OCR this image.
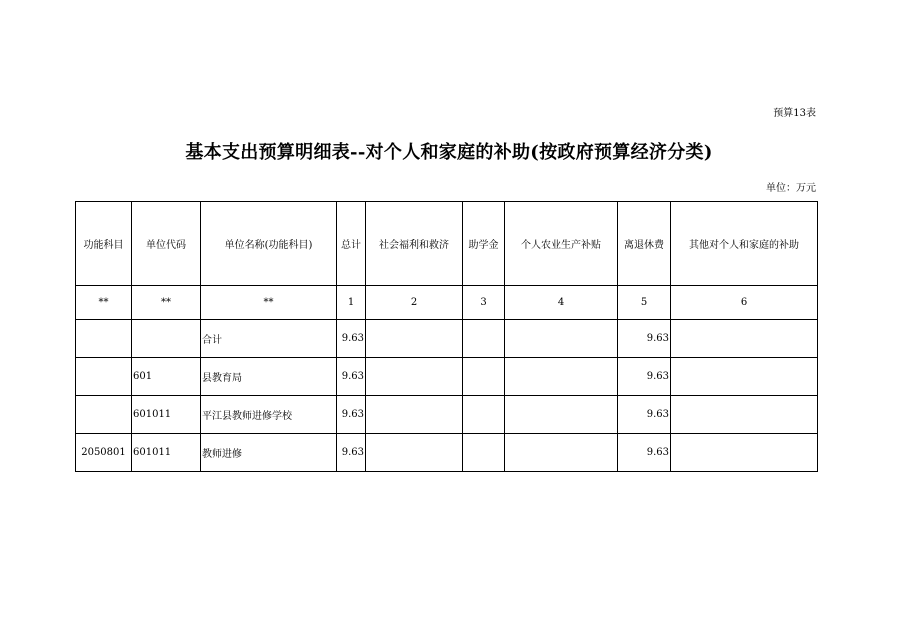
预算13表
基本支出预算明细表--对个人和家庭的补助(按政府预算经济分类)
单位：万元
功能科目	单位代码	单位名称(功能科目)	总计	社会福利和救济	助学金	个人农业生产补贴	离退休费	其他对个人和家庭的补助
**	**	**	1	2	3	4	5	6
		合计	9.63				9.63	
	601	县教育局	9.63				9.63	
	601011	平江县教师进修学校	9.63				9.63	
2050801	601011	教师进修	9.63				9.63	
